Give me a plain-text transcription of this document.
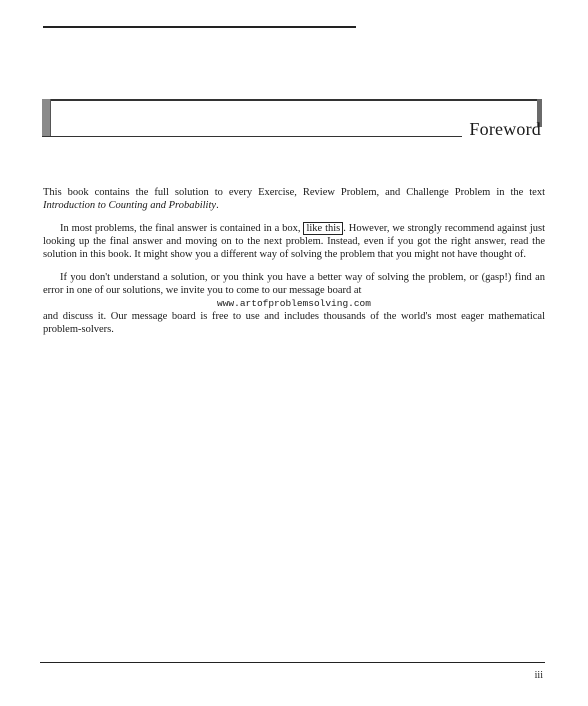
Foreword

This book contains the full solution to every Exercise, Review Problem, and Challenge Problem in the text Introduction to Counting and Probability.

In most problems, the final answer is contained in a box, like this . However, we strongly recommend against just looking up the final answer and moving on to the next problem. Instead, even if you got the right answer, read the solution in this book. It might show you a different way of solving the problem that you might not have thought of.

If you don't understand a solution, or you think you have a better way of solving the problem, or (gasp!) find an error in one of our solutions, we invite you to come to our message board at

www.artofproblemsolving.com

and discuss it. Our message board is free to use and includes thousands of the world's most eager mathematical problem-solvers.

iii
